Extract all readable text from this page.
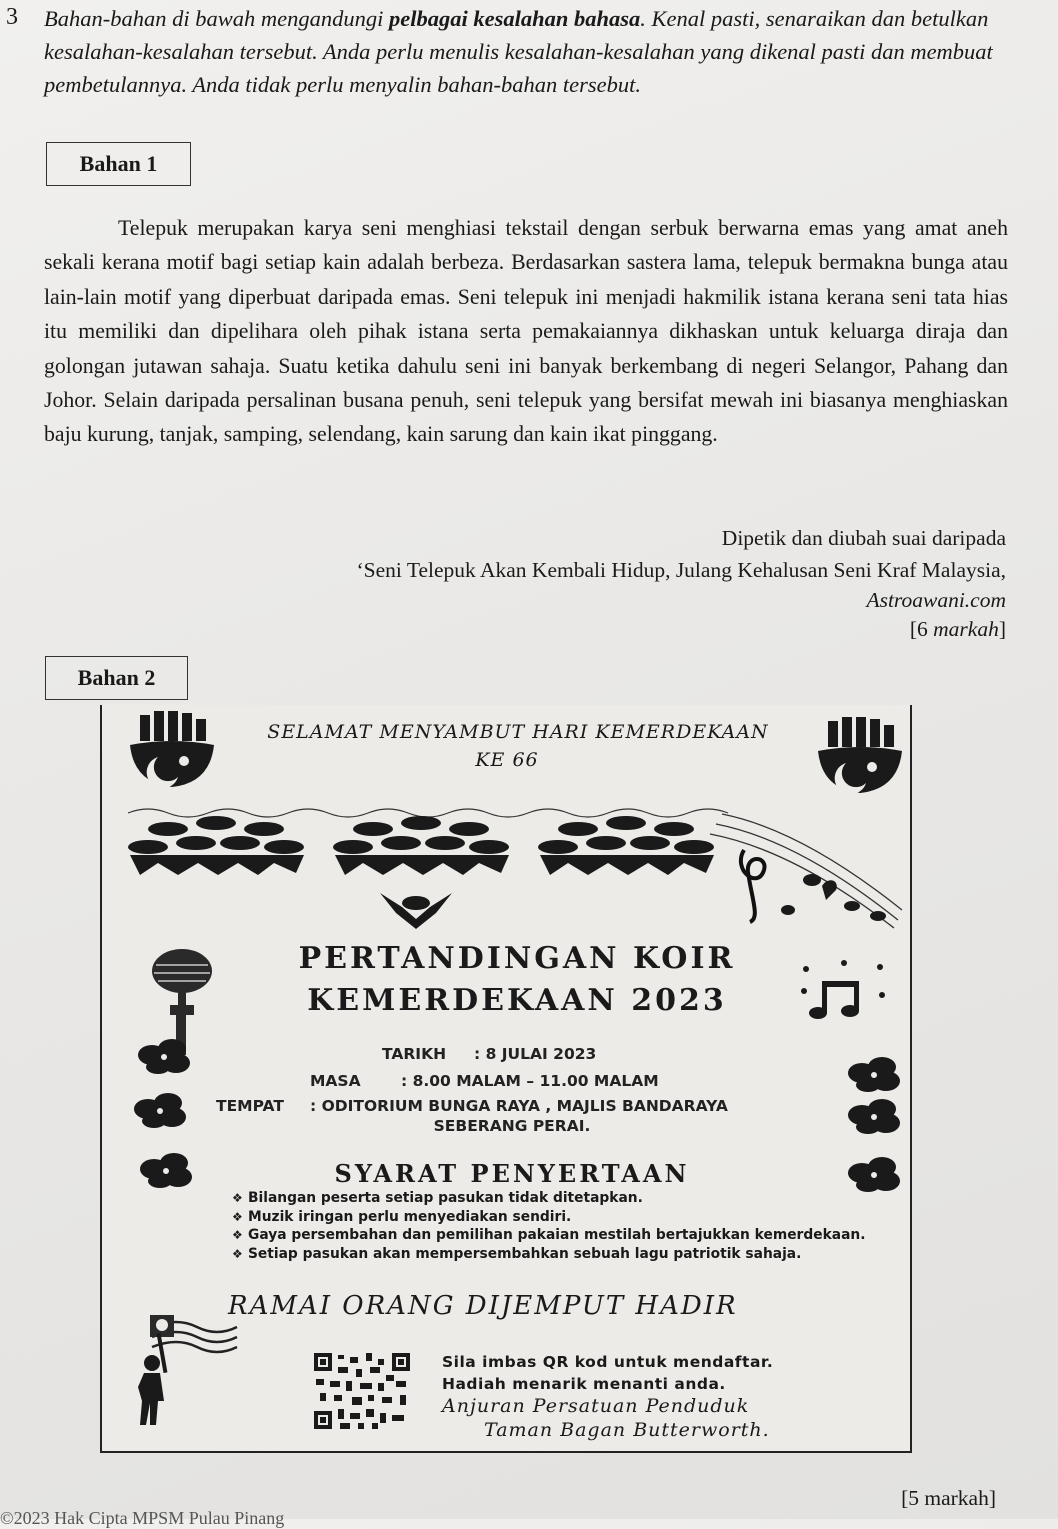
3 Bahan-bahan di bawah mengandungi pelbagai kesalahan bahasa. Kenal pasti, senaraikan dan betulkan kesalahan-kesalahan tersebut. Anda perlu menulis kesalahan-kesalahan yang dikenal pasti dan membuat pembetulannya. Anda tidak perlu menyalin bahan-bahan tersebut.
Bahan 1
Telepuk merupakan karya seni menghiasi tekstail dengan serbuk berwarna emas yang amat aneh sekali kerana motif bagi setiap kain adalah berbeza. Berdasarkan sastera lama, telepuk bermakna bunga atau lain-lain motif yang diperbuat daripada emas. Seni telepuk ini menjadi hakmilik istana kerana seni tata hias itu memiliki dan dipelihara oleh pihak istana serta pemakaiannya dikhaskan untuk keluarga diraja dan golongan jutawan sahaja. Suatu ketika dahulu seni ini banyak berkembang di negeri Selangor, Pahang dan Johor. Selain daripada persalinan busana penuh, seni telepuk yang bersifat mewah ini biasanya menghiaskan baju kurung, tanjak, samping, selendang, kain sarung dan kain ikat pinggang.
Dipetik dan diubah suai daripada
‘Seni Telepuk Akan Kembali Hidup, Julang Kehalusan Seni Kraf Malaysia,
Astroawani.com
[6 markah]
Bahan 2
SELAMAT MENYAMBUT HARI KEMERDEKAAN
KE 66
PERTANDINGAN KOIR
KEMERDEKAAN 2023
TARIKH : 8 JULAI 2023
MASA	: 8.00 MALAM – 11.00 MALAM
TEMPAT : ODITORIUM BUNGA RAYA , MAJLIS BANDARAYA
SEBERANG PERAI.
SYARAT PENYERTAAN
❖ Bilangan peserta setiap pasukan tidak ditetapkan.
❖ Muzik iringan perlu menyediakan sendiri.
❖ Gaya persembahan dan pemilihan pakaian mestilah bertajukkan kemerdekaan.
❖ Setiap pasukan akan mempersembahkan sebuah lagu patriotik sahaja.
RAMAI ORANG DIJEMPUT HADIR
Sila imbas QR kod untuk mendaftar.
Hadiah menarik menanti anda.
Anjuran Persatuan Penduduk
Taman Bagan Butterworth.
[5 markah]
©2023 Hak Cipta MPSM Pulau Pinang
